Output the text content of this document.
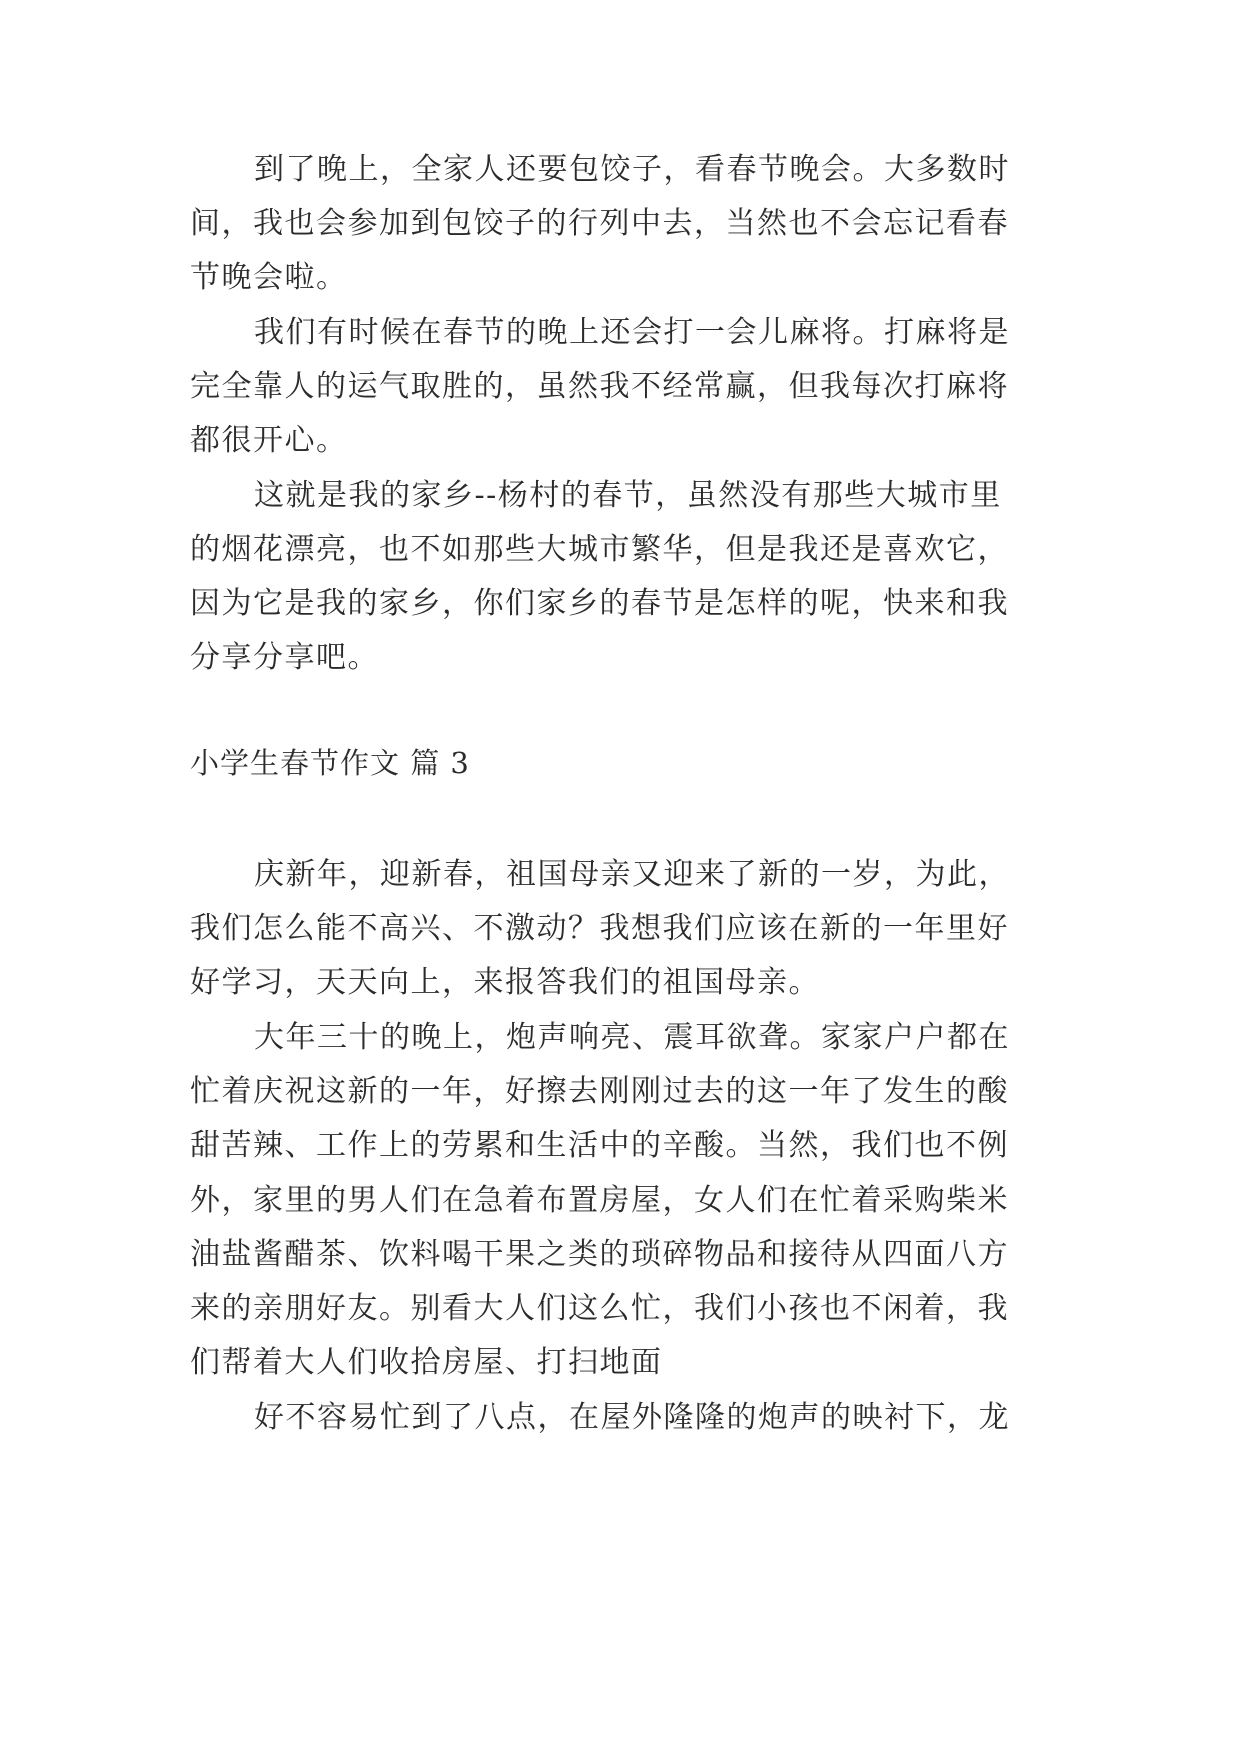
到了晚上，全家人还要包饺子，看春节晚会。大多数时
间，我也会参加到包饺子的行列中去，当然也不会忘记看春
节晚会啦。
我们有时候在春节的晚上还会打一会儿麻将。打麻将是
完全靠人的运气取胜的，虽然我不经常赢，但我每次打麻将
都很开心。
这就是我的家乡--杨村的春节，虽然没有那些大城市里
的烟花漂亮，也不如那些大城市繁华，但是我还是喜欢它，
因为它是我的家乡，你们家乡的春节是怎样的呢，快来和我
分享分享吧。
小学生春节作文 篇 3
庆新年，迎新春，祖国母亲又迎来了新的一岁，为此，
我们怎么能不高兴、不激动？我想我们应该在新的一年里好
好学习，天天向上，来报答我们的祖国母亲。
大年三十的晚上，炮声响亮、震耳欲聋。家家户户都在
忙着庆祝这新的一年，好擦去刚刚过去的这一年了发生的酸
甜苦辣、工作上的劳累和生活中的辛酸。当然，我们也不例
外，家里的男人们在急着布置房屋，女人们在忙着采购柴米
油盐酱醋茶、饮料喝干果之类的琐碎物品和接待从四面八方
来的亲朋好友。别看大人们这么忙，我们小孩也不闲着，我
们帮着大人们收拾房屋、打扫地面
好不容易忙到了八点，在屋外隆隆的炮声的映衬下，龙
